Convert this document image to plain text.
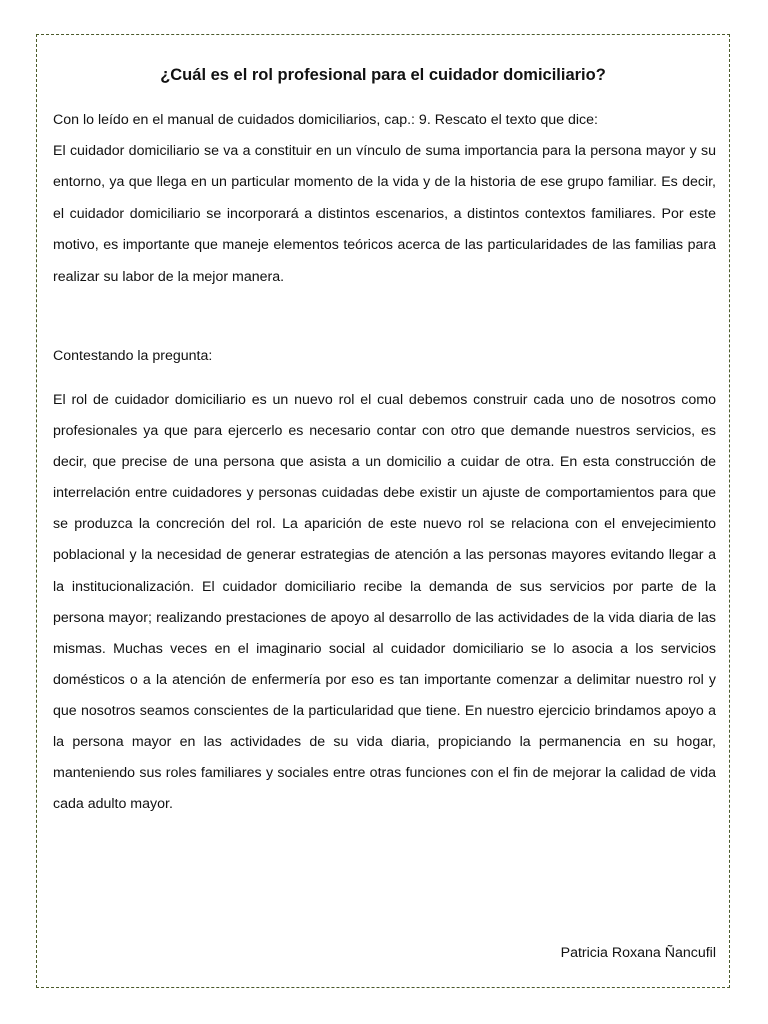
¿Cuál es el rol profesional para el cuidador domiciliario?

Con lo leído en el manual de cuidados domiciliarios, cap.: 9. Rescato el texto que dice:

El cuidador domiciliario se va a constituir en un vínculo de suma importancia para la persona mayor y su entorno, ya que llega en un particular momento de la vida y de la historia de ese grupo familiar. Es decir, el cuidador domiciliario se incorporará a distintos escenarios, a distintos contextos familiares. Por este motivo, es importante que maneje elementos teóricos acerca de las particularidades de las familias para realizar su labor de la mejor manera.

Contestando la pregunta:

El rol de cuidador domiciliario es un nuevo rol el cual debemos construir cada uno de nosotros como profesionales ya que para ejercerlo es necesario contar con otro que demande nuestros servicios, es decir, que precise de una persona que asista a un domicilio a cuidar de otra. En esta construcción de interrelación entre cuidadores y personas cuidadas debe existir un ajuste de comportamientos para que se produzca la concreción del rol. La aparición de este nuevo rol se relaciona con el envejecimiento poblacional y la necesidad de generar estrategias de atención a las personas mayores evitando llegar a la institucionalización. El cuidador domiciliario recibe la demanda de sus servicios por parte de la persona mayor; realizando prestaciones de apoyo al desarrollo de las actividades de la vida diaria de las mismas. Muchas veces en el imaginario social al cuidador domiciliario se lo asocia a los servicios domésticos o a la atención de enfermería por eso es tan importante comenzar a delimitar nuestro rol y que nosotros seamos conscientes de la particularidad que tiene. En nuestro ejercicio brindamos apoyo a la persona mayor en las actividades de su vida diaria, propiciando la permanencia en su hogar, manteniendo sus roles familiares y sociales entre otras funciones con el fin de mejorar la calidad de vida cada adulto mayor.

Patricia Roxana Ñancufil
